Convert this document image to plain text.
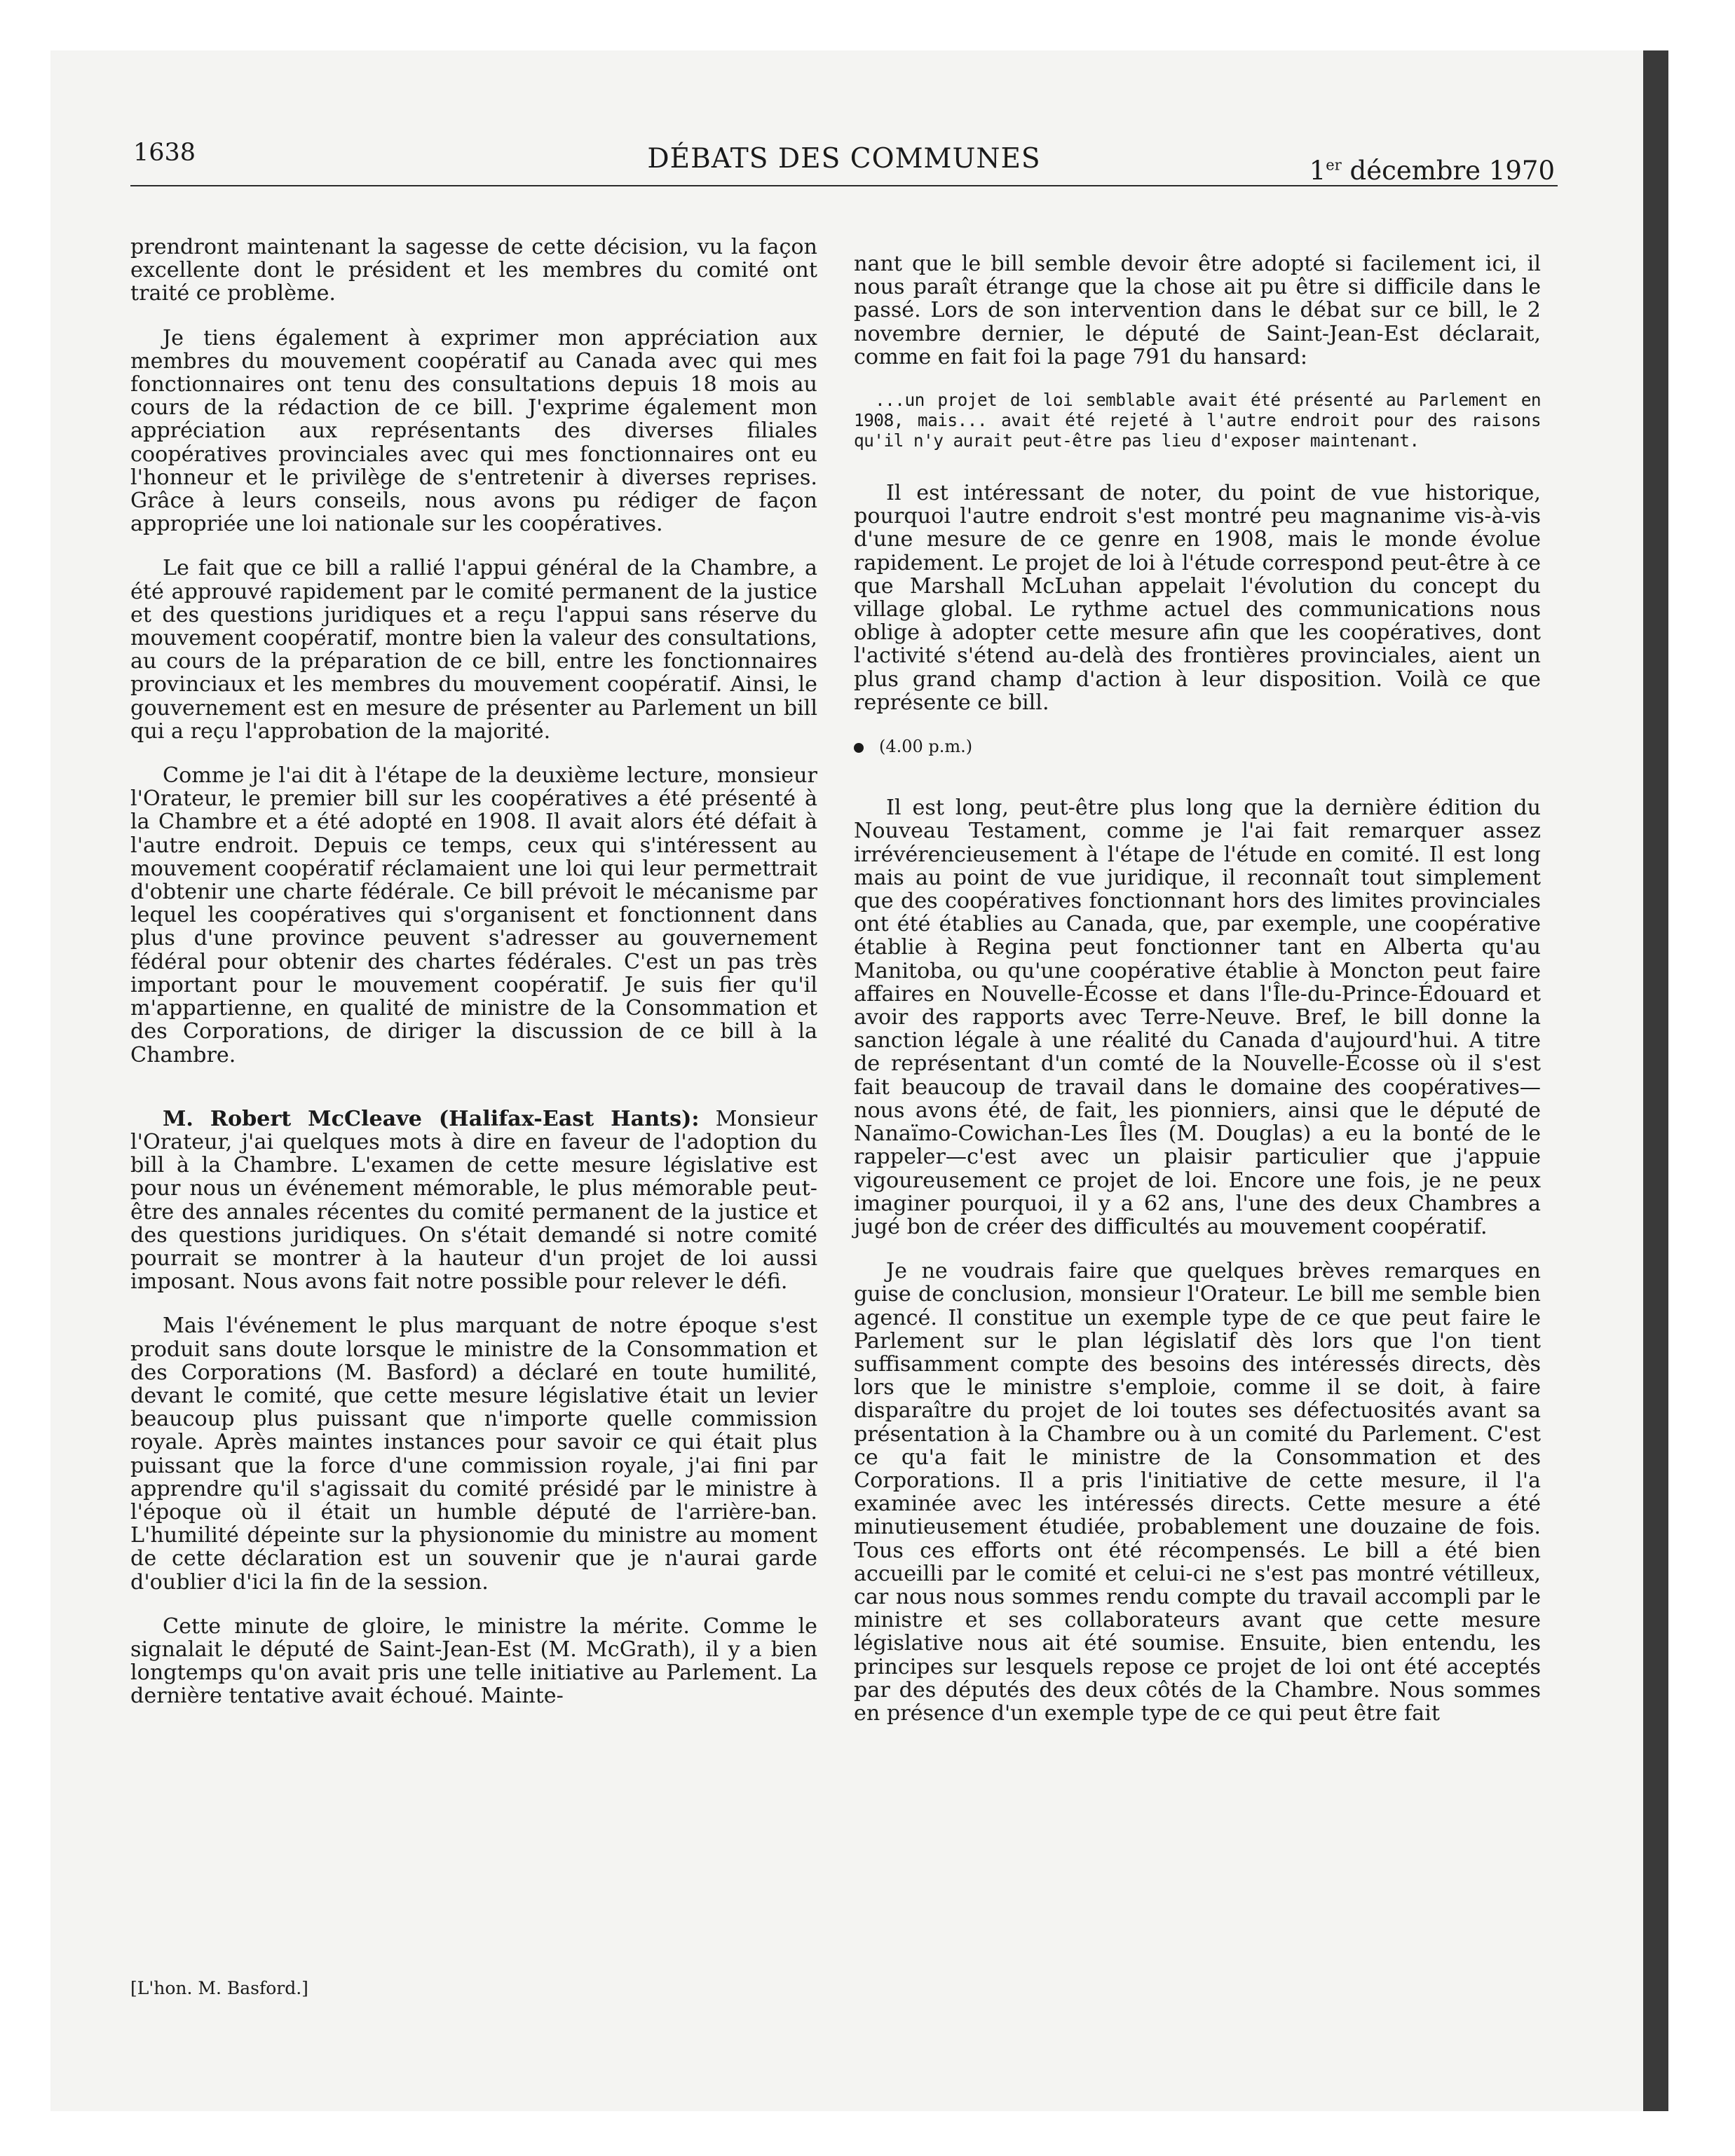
1638	DÉBATS DES COMMUNES	1er décembre 1970

prendront maintenant la sagesse de cette décision, vu la façon excellente dont le président et les membres du comité ont traité ce problème.

Je tiens également à exprimer mon appréciation aux membres du mouvement coopératif au Canada avec qui mes fonctionnaires ont tenu des consultations depuis 18 mois au cours de la rédaction de ce bill. J'exprime également mon appréciation aux représentants des diverses filiales coopératives provinciales avec qui mes fonctionnaires ont eu l'honneur et le privilège de s'entretenir à diverses reprises. Grâce à leurs conseils, nous avons pu rédiger de façon appropriée une loi nationale sur les coopératives.

Le fait que ce bill a rallié l'appui général de la Chambre, a été approuvé rapidement par le comité permanent de la justice et des questions juridiques et a reçu l'appui sans réserve du mouvement coopératif, montre bien la valeur des consultations, au cours de la préparation de ce bill, entre les fonctionnaires provinciaux et les membres du mouvement coopératif. Ainsi, le gouvernement est en mesure de présenter au Parlement un bill qui a reçu l'approbation de la majorité.

Comme je l'ai dit à l'étape de la deuxième lecture, monsieur l'Orateur, le premier bill sur les coopératives a été présenté à la Chambre et a été adopté en 1908. Il avait alors été défait à l'autre endroit. Depuis ce temps, ceux qui s'intéressent au mouvement coopératif réclamaient une loi qui leur permettrait d'obtenir une charte fédérale. Ce bill prévoit le mécanisme par lequel les coopératives qui s'organisent et fonctionnent dans plus d'une province peuvent s'adresser au gouvernement fédéral pour obtenir des chartes fédérales. C'est un pas très important pour le mouvement coopératif. Je suis fier qu'il m'appartienne, en qualité de ministre de la Consommation et des Corporations, de diriger la discussion de ce bill à la Chambre.

M. Robert McCleave (Halifax-East Hants): Monsieur l'Orateur, j'ai quelques mots à dire en faveur de l'adoption du bill à la Chambre. L'examen de cette mesure législative est pour nous un événement mémorable, le plus mémorable peut-être des annales récentes du comité permanent de la justice et des questions juridiques. On s'était demandé si notre comité pourrait se montrer à la hauteur d'un projet de loi aussi imposant. Nous avons fait notre possible pour relever le défi.

Mais l'événement le plus marquant de notre époque s'est produit sans doute lorsque le ministre de la Consommation et des Corporations (M. Basford) a déclaré en toute humilité, devant le comité, que cette mesure législative était un levier beaucoup plus puissant que n'importe quelle commission royale. Après maintes instances pour savoir ce qui était plus puissant que la force d'une commission royale, j'ai fini par apprendre qu'il s'agissait du comité présidé par le ministre à l'époque où il était un humble député de l'arrière-ban. L'humilité dépeinte sur la physionomie du ministre au moment de cette déclaration est un souvenir que je n'aurai garde d'oublier d'ici la fin de la session.

Cette minute de gloire, le ministre la mérite. Comme le signalait le député de Saint-Jean-Est (M. McGrath), il y a bien longtemps qu'on avait pris une telle initiative au Parlement. La dernière tentative avait échoué. Mainte-

nant que le bill semble devoir être adopté si facilement ici, il nous paraît étrange que la chose ait pu être si difficile dans le passé. Lors de son intervention dans le débat sur ce bill, le 2 novembre dernier, le député de Saint-Jean-Est déclarait, comme en fait foi la page 791 du hansard:

...un projet de loi semblable avait été présenté au Parlement en 1908, mais... avait été rejeté à l'autre endroit pour des raisons qu'il n'y aurait peut-être pas lieu d'exposer maintenant.

Il est intéressant de noter, du point de vue historique, pourquoi l'autre endroit s'est montré peu magnanime vis-à-vis d'une mesure de ce genre en 1908, mais le monde évolue rapidement. Le projet de loi à l'étude correspond peut-être à ce que Marshall McLuhan appelait l'évolution du concept du village global. Le rythme actuel des communications nous oblige à adopter cette mesure afin que les coopératives, dont l'activité s'étend au-delà des frontières provinciales, aient un plus grand champ d'action à leur disposition. Voilà ce que représente ce bill.

(4.00 p.m.)

Il est long, peut-être plus long que la dernière édition du Nouveau Testament, comme je l'ai fait remarquer assez irrévérencieusement à l'étape de l'étude en comité. Il est long mais au point de vue juridique, il reconnaît tout simplement que des coopératives fonctionnant hors des limites provinciales ont été établies au Canada, que, par exemple, une coopérative établie à Regina peut fonctionner tant en Alberta qu'au Manitoba, ou qu'une coopérative établie à Moncton peut faire affaires en Nouvelle-Écosse et dans l'Île-du-Prince-Édouard et avoir des rapports avec Terre-Neuve. Bref, le bill donne la sanction légale à une réalité du Canada d'aujourd'hui. A titre de représentant d'un comté de la Nouvelle-Écosse où il s'est fait beaucoup de travail dans le domaine des coopératives—nous avons été, de fait, les pionniers, ainsi que le député de Nanaïmo-Cowichan-Les Îles (M. Douglas) a eu la bonté de le rappeler—c'est avec un plaisir particulier que j'appuie vigoureusement ce projet de loi. Encore une fois, je ne peux imaginer pourquoi, il y a 62 ans, l'une des deux Chambres a jugé bon de créer des difficultés au mouvement coopératif.

Je ne voudrais faire que quelques brèves remarques en guise de conclusion, monsieur l'Orateur. Le bill me semble bien agencé. Il constitue un exemple type de ce que peut faire le Parlement sur le plan législatif dès lors que l'on tient suffisamment compte des besoins des intéressés directs, dès lors que le ministre s'emploie, comme il se doit, à faire disparaître du projet de loi toutes ses défectuosités avant sa présentation à la Chambre ou à un comité du Parlement. C'est ce qu'a fait le ministre de la Consommation et des Corporations. Il a pris l'initiative de cette mesure, il l'a examinée avec les intéressés directs. Cette mesure a été minutieusement étudiée, probablement une douzaine de fois. Tous ces efforts ont été récompensés. Le bill a été bien accueilli par le comité et celui-ci ne s'est pas montré vétilleux, car nous nous sommes rendu compte du travail accompli par le ministre et ses collaborateurs avant que cette mesure législative nous ait été soumise. Ensuite, bien entendu, les principes sur lesquels repose ce projet de loi ont été acceptés par des députés des deux côtés de la Chambre. Nous sommes en présence d'un exemple type de ce qui peut être fait

[L'hon. M. Basford.]
